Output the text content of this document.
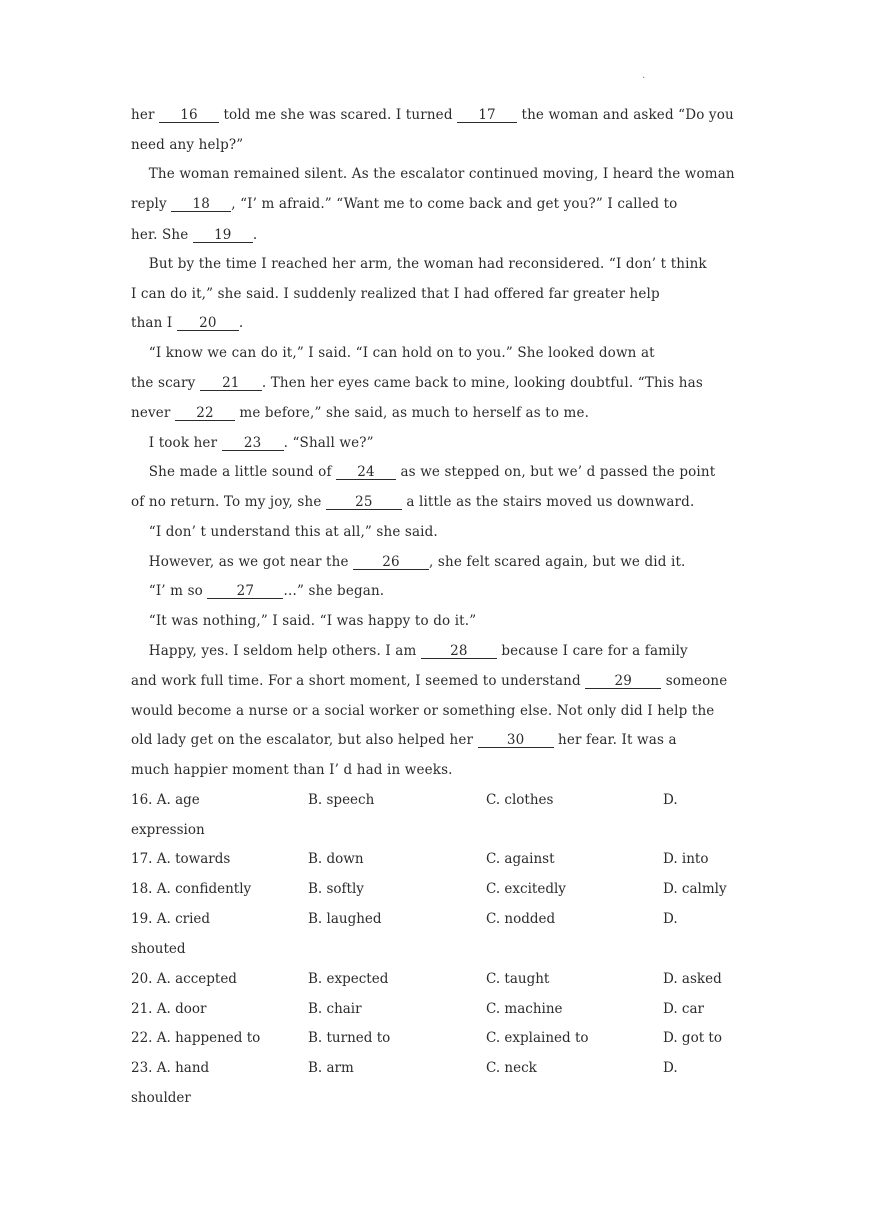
.
her 16 told me she was scared. I turned 17 the woman and asked “Do you
need any help?”
The woman remained silent. As the escalator continued moving, I heard the woman
reply 18 , “I’ m afraid.” “Want me to come back and get you?” I called to
her. She 19 .
But by the time I reached her arm, the woman had reconsidered. “I don’ t think
I can do it,” she said. I suddenly realized that I had offered far greater help
than I 20 .
“I know we can do it,” I said. “I can hold on to you.” She looked down at
the scary 21 . Then her eyes came back to mine, looking doubtful. “This has
never 22 me before,” she said, as much to herself as to me.
I took her 23 . “Shall we?”
She made a little sound of 24 as we stepped on, but we’ d passed the point
of no return. To my joy, she 25 a little as the stairs moved us downward.
“I don’ t understand this at all,” she said.
However, as we got near the 26 , she felt scared again, but we did it.
“I’ m so 27 …” she began.
“It was nothing,” I said. “I was happy to do it.”
Happy, yes. I seldom help others. I am 28 because I care for a family
and work full time. For a short moment, I seemed to understand 29 someone
would become a nurse or a social worker or something else. Not only did I help the
old lady get on the escalator, but also helped her 30 her fear. It was a
much happier moment than I’ d had in weeks.
16. A. age	B. speech	C. clothes	D.
expression
17. A. towards	B. down	C. against	D. into
18. A. confidently	B. softly	C. excitedly	D. calmly
19. A. cried	B. laughed	C. nodded	D.
shouted
20. A. accepted	B. expected	C. taught	D. asked
21. A. door	B. chair	C. machine	D. car
22. A. happened to	B. turned to	C. explained to	D. got to
23. A. hand	B. arm	C. neck	D.
shoulder
